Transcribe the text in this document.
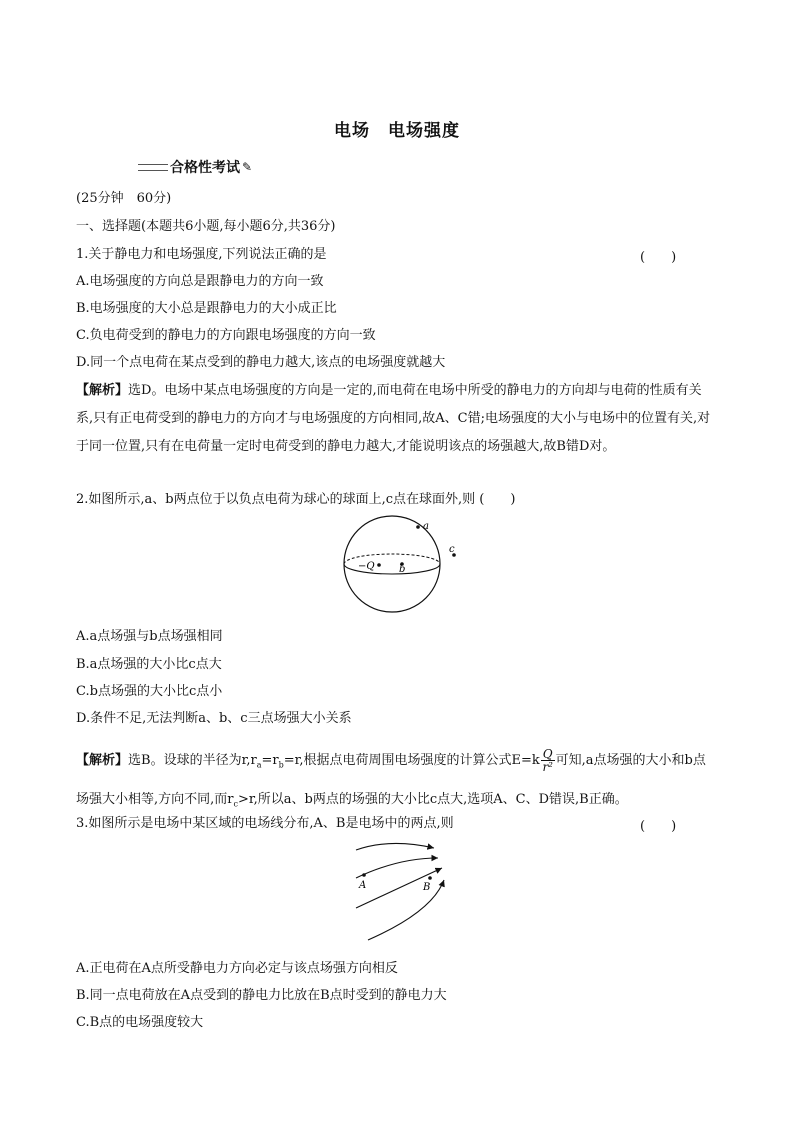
电场 电场强度
合格性考试 ✎
(25分钟　60分)
一、选择题(本题共6小题,每小题6分,共36分)
1.关于静电力和电场强度,下列说法正确的是	(　　)
A.电场强度的方向总是跟静电力的方向一致
B.电场强度的大小总是跟静电力的大小成正比
C.负电荷受到的静电力的方向跟电场强度的方向一致
D.同一个点电荷在某点受到的静电力越大,该点的电场强度就越大
【解析】选D。电场中某点电场强度的方向是一定的,而电荷在电场中所受的静电力的方向却与电荷的性质有关系,只有正电荷受到的静电力的方向才与电场强度的方向相同,故A、C错;电场强度的大小与电场中的位置有关,对于同一位置,只有在电荷量一定时电荷受到的静电力越大,才能说明该点的场强越大,故B错D对。
2.如图所示,a、b两点位于以负点电荷为球心的球面上,c点在球面外,则 (　　)
−Q
a
b
c
A.a点场强与b点场强相同
B.a点场强的大小比c点大
C.b点场强的大小比c点小
D.条件不足,无法判断a、b、c三点场强大小关系
【解析】选B。设球的半径为$r,r_a=r_b=r$,根据点电荷周围电场强度的计算公式$E=k \frac{Q}{\text{r²}}$ 可知,a点场强的大小和b点场强大小相等,方向不同,而$r_c>r$,所以a、b两点的场强的大小比c点大,选项A、C、D错误,B正确。
3.如图所示是电场中某区域的电场线分布,A、B是电场中的两点,则	(　　)
A	B
A.正电荷在A点所受静电力方向必定与该点场强方向相反
B.同一点电荷放在A点受到的静电力比放在B点时受到的静电力大
C.B点的电场强度较大
